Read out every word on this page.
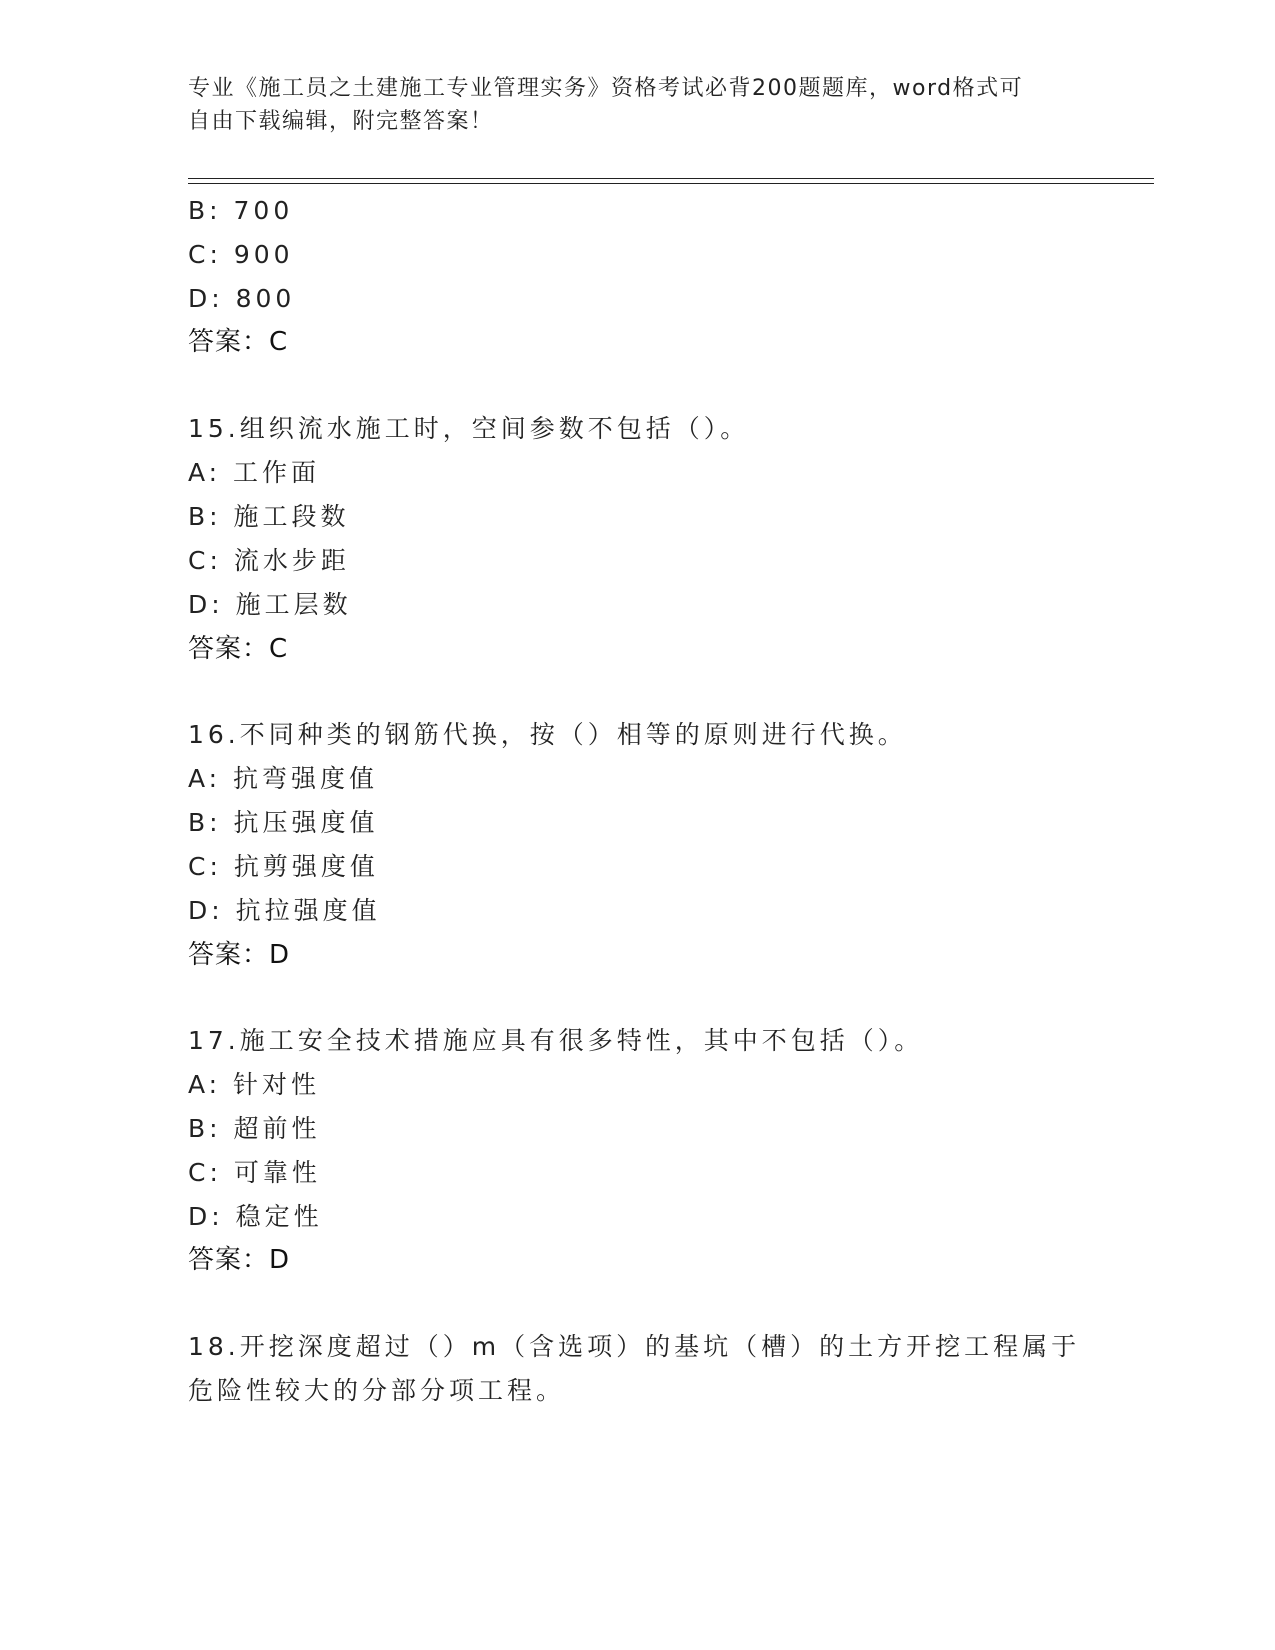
专业《施工员之土建施工专业管理实务》资格考试必背200题题库，word格式可
自由下载编辑，附完整答案！
B: 700
C: 900
D: 800
答案：C
15.组织流水施工时，空间参数不包括（）。
A: 工作面
B: 施工段数
C: 流水步距
D: 施工层数
答案：C
16.不同种类的钢筋代换，按（）相等的原则进行代换。
A: 抗弯强度值
B: 抗压强度值
C: 抗剪强度值
D: 抗拉强度值
答案：D
17.施工安全技术措施应具有很多特性，其中不包括（）。
A: 针对性
B: 超前性
C: 可靠性
D: 稳定性
答案：D
18.开挖深度超过（）m（含选项）的基坑（槽）的土方开挖工程属于
危险性较大的分部分项工程。
